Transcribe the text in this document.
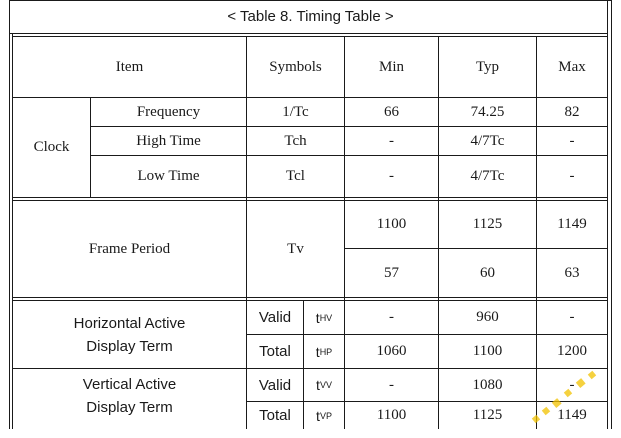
< Table 8. Timing Table >
Item	Symbols	Min	Typ	Max
Clock
Frequency	1/Tc	66	74.25	82
High Time	Tch	-	4/7Tc	-
Low Time	Tcl	-	4/7Tc	-
Frame Period	Tv
1100	1125	1149
57	60	63
Horizontal Active
Display Term
Valid	t HV	-	960	-
Total	t HP	1060	1100	1200
Vertical Active
Display Term
Valid	t VV	-	1080	-
Total	t VP	1100	1125	1149
